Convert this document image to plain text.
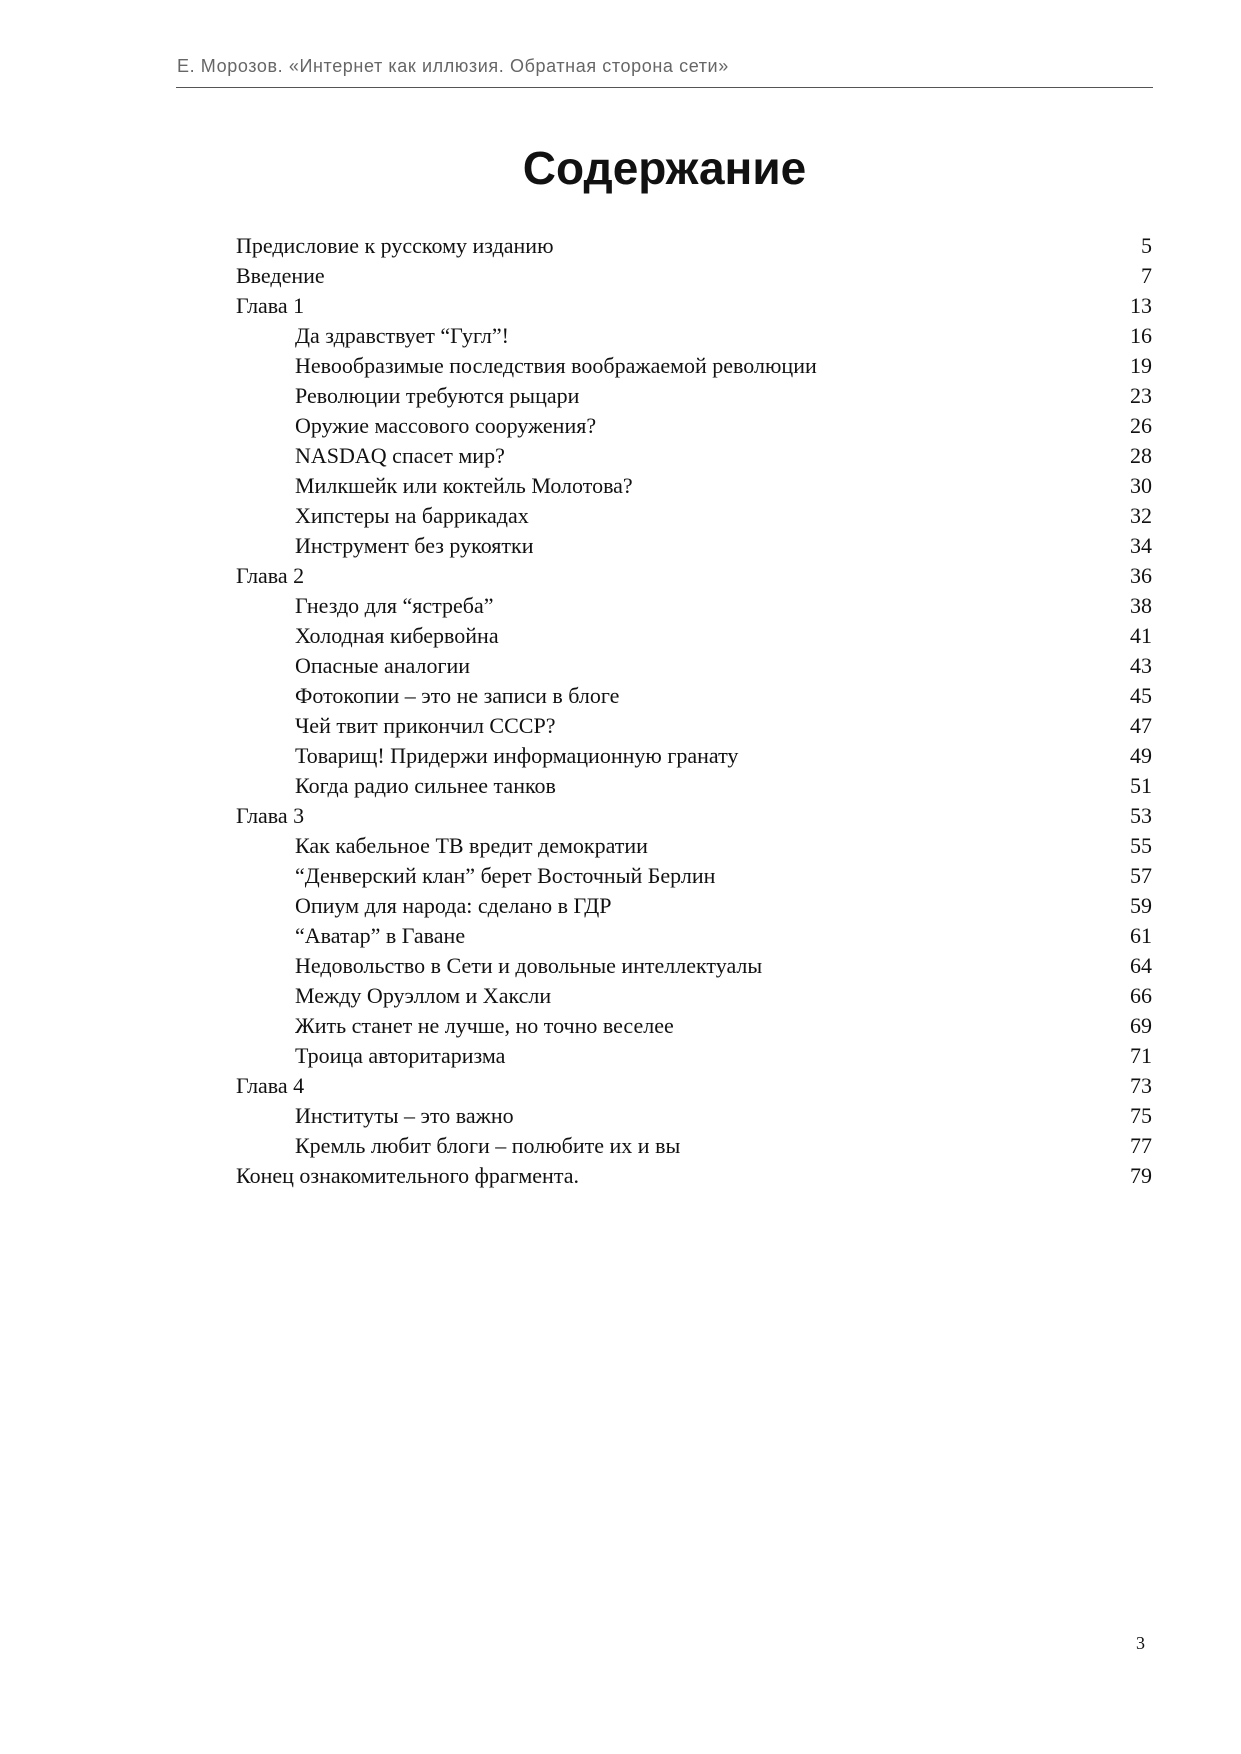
Е. Морозов. «Интернет как иллюзия. Обратная сторона сети»
Содержание
Предисловие к русскому изданию	5
Введение	7
Глава 1	13
Да здравствует “Гугл”!	16
Невообразимые последствия воображаемой революции	19
Революции требуются рыцари	23
Оружие массового сооружения?	26
NASDAQ спасет мир?	28
Милкшейк или коктейль Молотова?	30
Хипстеры на баррикадах	32
Инструмент без рукоятки	34
Глава 2	36
Гнездо для “ястреба”	38
Холодная кибервойна	41
Опасные аналогии	43
Фотокопии – это не записи в блоге	45
Чей твит прикончил СССР?	47
Товарищ! Придержи информационную гранату	49
Когда радио сильнее танков	51
Глава 3	53
Как кабельное ТВ вредит демократии	55
“Денверский клан” берет Восточный Берлин	57
Опиум для народа: сделано в ГДР	59
“Аватар” в Гаване	61
Недовольство в Сети и довольные интеллектуалы	64
Между Оруэллом и Хаксли	66
Жить станет не лучше, но точно веселее	69
Троица авторитаризма	71
Глава 4	73
Институты – это важно	75
Кремль любит блоги – полюбите их и вы	77
Конец ознакомительного фрагмента.	79
3
